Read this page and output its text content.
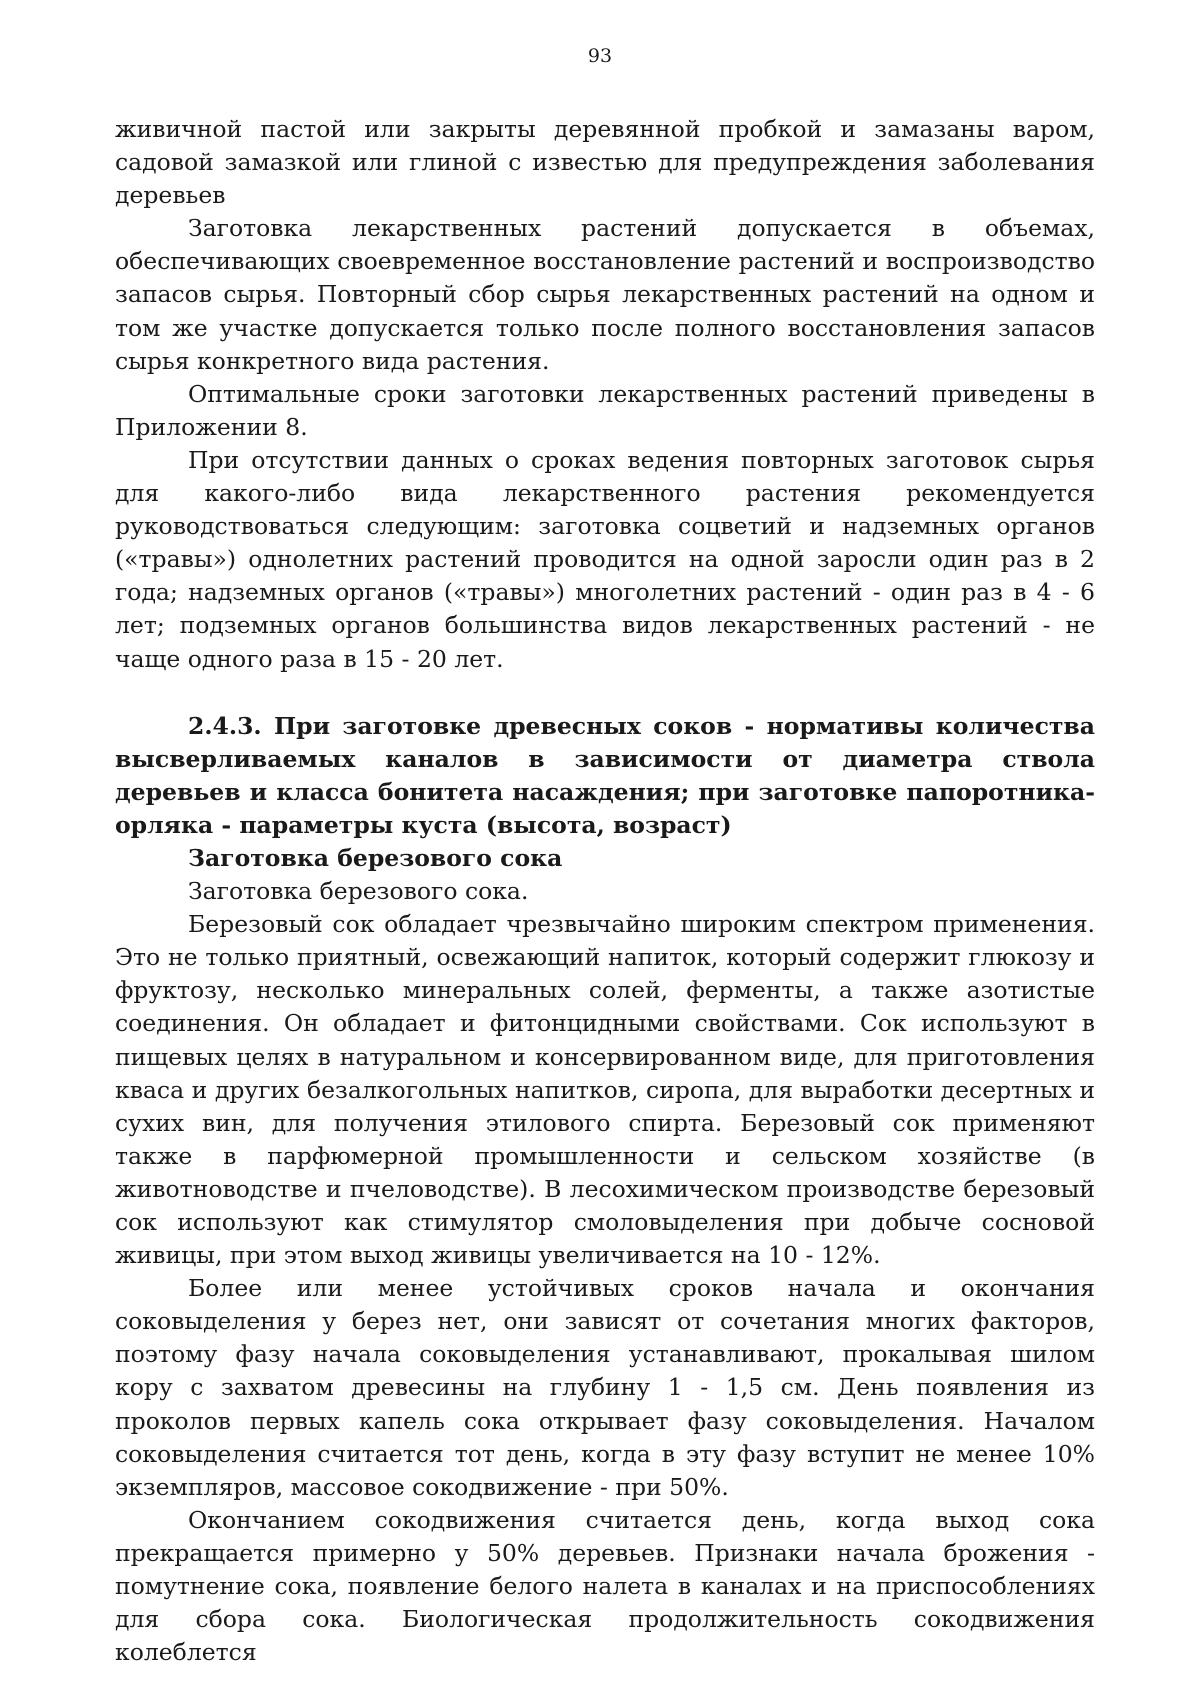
93

живичной пастой или закрыты деревянной пробкой и замазаны варом, садовой замазкой или глиной с известью для предупреждения заболевания деревьев

Заготовка лекарственных растений допускается в объемах, обеспечивающих своевременное восстановление растений и воспроизводство запасов сырья. Повторный сбор сырья лекарственных растений на одном и том же участке допускается только после полного восстановления запасов сырья конкретного вида растения.

Оптимальные сроки заготовки лекарственных растений приведены в Приложении 8.

При отсутствии данных о сроках ведения повторных заготовок сырья для какого-либо вида лекарственного растения рекомендуется руководствоваться следующим: заготовка соцветий и надземных органов («травы») однолетних растений проводится на одной заросли один раз в 2 года; надземных органов («травы») многолетних растений - один раз в 4 - 6 лет; подземных органов большинства видов лекарственных растений - не чаще одного раза в 15 - 20 лет.

2.4.3. При заготовке древесных соков - нормативы количества высверливаемых каналов в зависимости от диаметра ствола деревьев и класса бонитета насаждения; при заготовке папоротника-орляка - параметры куста (высота, возраст)

Заготовка березового сока

Заготовка березового сока.

Березовый сок обладает чрезвычайно широким спектром применения. Это не только приятный, освежающий напиток, который содержит глюкозу и фруктозу, несколько минеральных солей, ферменты, а также азотистые соединения. Он обладает и фитонцидными свойствами. Сок используют в пищевых целях в натуральном и консервированном виде, для приготовления кваса и других безалкогольных напитков, сиропа, для выработки десертных и сухих вин, для получения этилового спирта. Березовый сок применяют также в парфюмерной промышленности и сельском хозяйстве (в животноводстве и пчеловодстве). В лесохимическом производстве березовый сок используют как стимулятор смоловыделения при добыче сосновой живицы, при этом выход живицы увеличивается на 10 - 12%.

Более или менее устойчивых сроков начала и окончания соковыделения у берез нет, они зависят от сочетания многих факторов, поэтому фазу начала соковыделения устанавливают, прокалывая шилом кору с захватом древесины на глубину 1 - 1,5 см. День появления из проколов первых капель сока открывает фазу соковыделения. Началом соковыделения считается тот день, когда в эту фазу вступит не менее 10% экземпляров, массовое сокодвижение - при 50%.

Окончанием сокодвижения считается день, когда выход сока прекращается примерно у 50% деревьев. Признаки начала брожения - помутнение сока, появление белого налета в каналах и на приспособлениях для сбора сока. Биологическая продолжительность сокодвижения колеблется
